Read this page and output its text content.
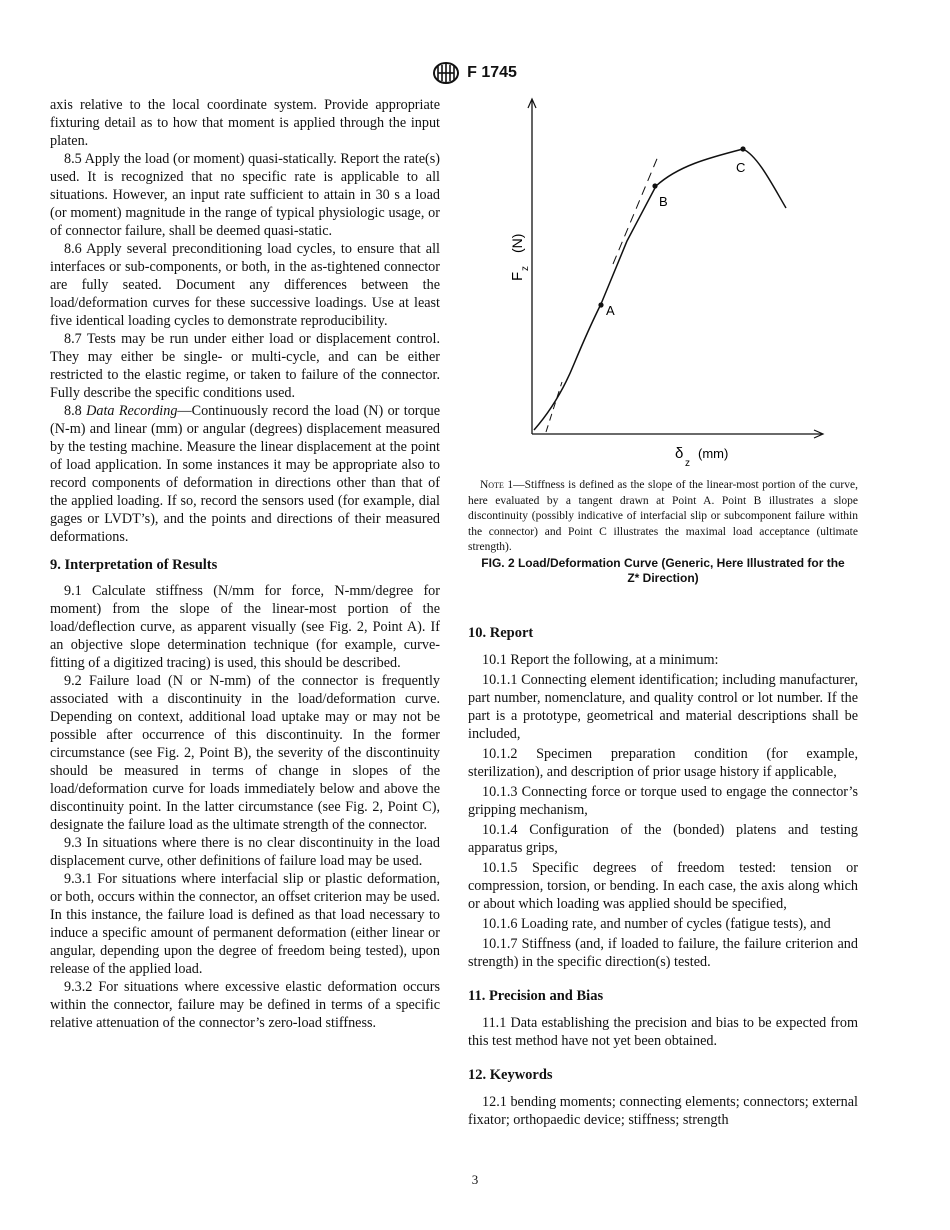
F 1745

axis relative to the local coordinate system. Provide appropriate fixturing detail as to how that moment is applied through the input platen.

8.5 Apply the load (or moment) quasi-statically. Report the rate(s) used. It is recognized that no specific rate is applicable to all situations. However, an input rate sufficient to attain in 30 s a load (or moment) magnitude in the range of typical physiologic usage, or of connector failure, shall be deemed quasi-static.

8.6 Apply several preconditioning load cycles, to ensure that all interfaces or sub-components, or both, in the as-tightened connector are fully seated. Document any differences between the load/deformation curves for these successive loadings. Use at least five identical loading cycles to demonstrate reproducibility.

8.7 Tests may be run under either load or displacement control. They may either be single- or multi-cycle, and can be either restricted to the elastic regime, or taken to failure of the connector. Fully describe the specific conditions used.

8.8 Data Recording—Continuously record the load (N) or torque (N-m) and linear (mm) or angular (degrees) displacement measured by the testing machine. Measure the linear displacement at the point of load application. In some instances it may be appropriate also to record components of deformation in directions other than that of the applied loading. If so, record the sensors used (for example, dial gages or LVDT’s), and the points and directions of their measured deformations.

9. Interpretation of Results

9.1 Calculate stiffness (N/mm for force, N-mm/degree for moment) from the slope of the linear-most portion of the load/deflection curve, as apparent visually (see Fig. 2, Point A). If an objective slope determination technique (for example, curve-fitting of a digitized tracing) is used, this should be described.

9.2 Failure load (N or N-mm) of the connector is frequently associated with a discontinuity in the load/deformation curve. Depending on context, additional load uptake may or may not be possible after occurrence of this discontinuity. In the former circumstance (see Fig. 2, Point B), the severity of the discontinuity should be measured in terms of change in slopes of the load/deformation curve for loads immediately below and above the discontinuity point. In the latter circumstance (see Fig. 2, Point C), designate the failure load as the ultimate strength of the connector.

9.3 In situations where there is no clear discontinuity in the load displacement curve, other definitions of failure load may be used.

9.3.1 For situations where interfacial slip or plastic deformation, or both, occurs within the connector, an offset criterion may be used. In this instance, the failure load is defined as that load necessary to induce a specific amount of permanent deformation (either linear or angular, depending upon the degree of freedom being tested), upon release of the applied load.

9.3.2 For situations where excessive elastic deformation occurs within the connector, failure may be defined in terms of a specific relative attenuation of the connector’s zero-load stiffness.

A
B
C
F
z
(N)
δ
z
(mm)
Note 1—Stiffness is defined as the slope of the linear-most portion of the curve, here evaluated by a tangent drawn at Point A. Point B illustrates a slope discontinuity (possibly indicative of interfacial slip or subcomponent failure within the connector) and Point C illustrates the maximal load acceptance (ultimate strength).
FIG. 2 Load/Deformation Curve (Generic, Here Illustrated for the
Z* Direction)
10. Report

10.1 Report the following, at a minimum:

10.1.1 Connecting element identification; including manufacturer, part number, nomenclature, and quality control or lot number. If the part is a prototype, geometrical and material descriptions shall be included,

10.1.2 Specimen preparation condition (for example, sterilization), and description of prior usage history if applicable,

10.1.3 Connecting force or torque used to engage the connector’s gripping mechanism,

10.1.4 Configuration of the (bonded) platens and testing apparatus grips,

10.1.5 Specific degrees of freedom tested: tension or compression, torsion, or bending. In each case, the axis along which or about which loading was applied should be specified,

10.1.6 Loading rate, and number of cycles (fatigue tests), and

10.1.7 Stiffness (and, if loaded to failure, the failure criterion and strength) in the specific direction(s) tested.

11. Precision and Bias

11.1 Data establishing the precision and bias to be expected from this test method have not yet been obtained.

12. Keywords

12.1 bending moments; connecting elements; connectors; external fixator; orthopaedic device; stiffness; strength

3
